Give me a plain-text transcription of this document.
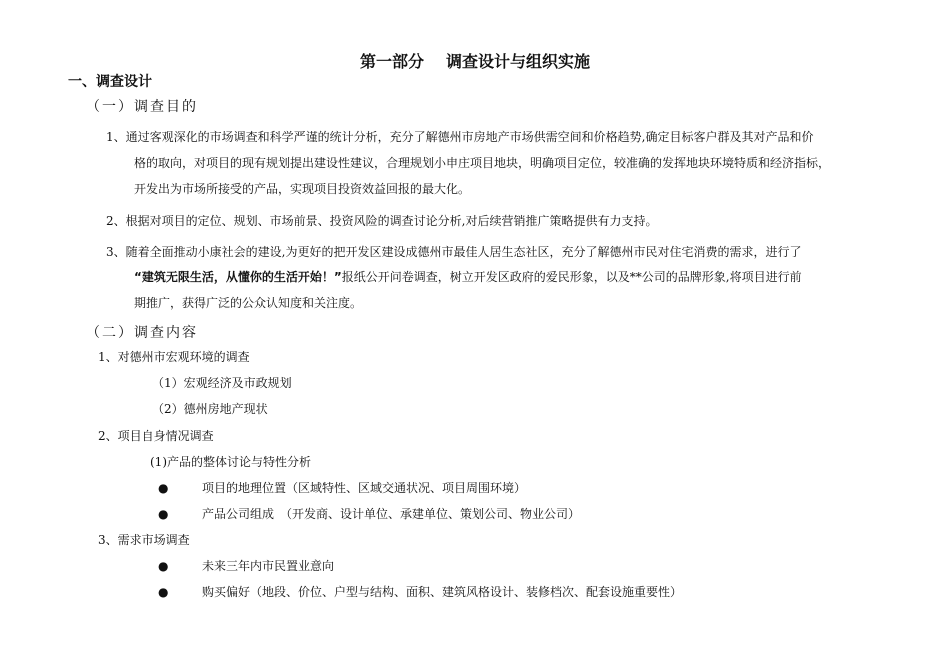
第一部分 调查设计与组织实施
一、调查设计
（一）调查目的
1、通过客观深化的市场调查和科学严谨的统计分析，充分了解德州市房地产市场供需空间和价格趋势,确定目标客户群及其对产品和价
格的取向，对项目的现有规划提出建设性建议，合理规划小申庄项目地块，明确项目定位，较准确的发挥地块环境特质和经济指标，
开发出为市场所接受的产品，实现项目投资效益回报的最大化。
2、根据对项目的定位、规划、市场前景、投资风险的调查讨论分析,对后续营销推广策略提供有力支持。
3、随着全面推动小康社会的建设,为更好的把开发区建设成德州市最佳人居生态社区，充分了解德州市民对住宅消费的需求，进行了
“建筑无限生活，从懂你的生活开始！”报纸公开问卷调查，树立开发区政府的爱民形象，以及**公司的品牌形象,将项目进行前
期推广，获得广泛的公众认知度和关注度。
（二）调查内容
1、对德州市宏观环境的调查
（1）宏观经济及市政规划
（2）德州房地产现状
2、项目自身情况调查
(1)产品的整体讨论与特性分析
●	项目的地理位置（区域特性、区域交通状况、项目周围环境）
●	产品公司组成　（开发商、设计单位、承建单位、策划公司、物业公司）
3、需求市场调查
●	未来三年内市民置业意向
●	购买偏好（地段、价位、户型与结构、面积、建筑风格设计、装修档次、配套设施重要性）
